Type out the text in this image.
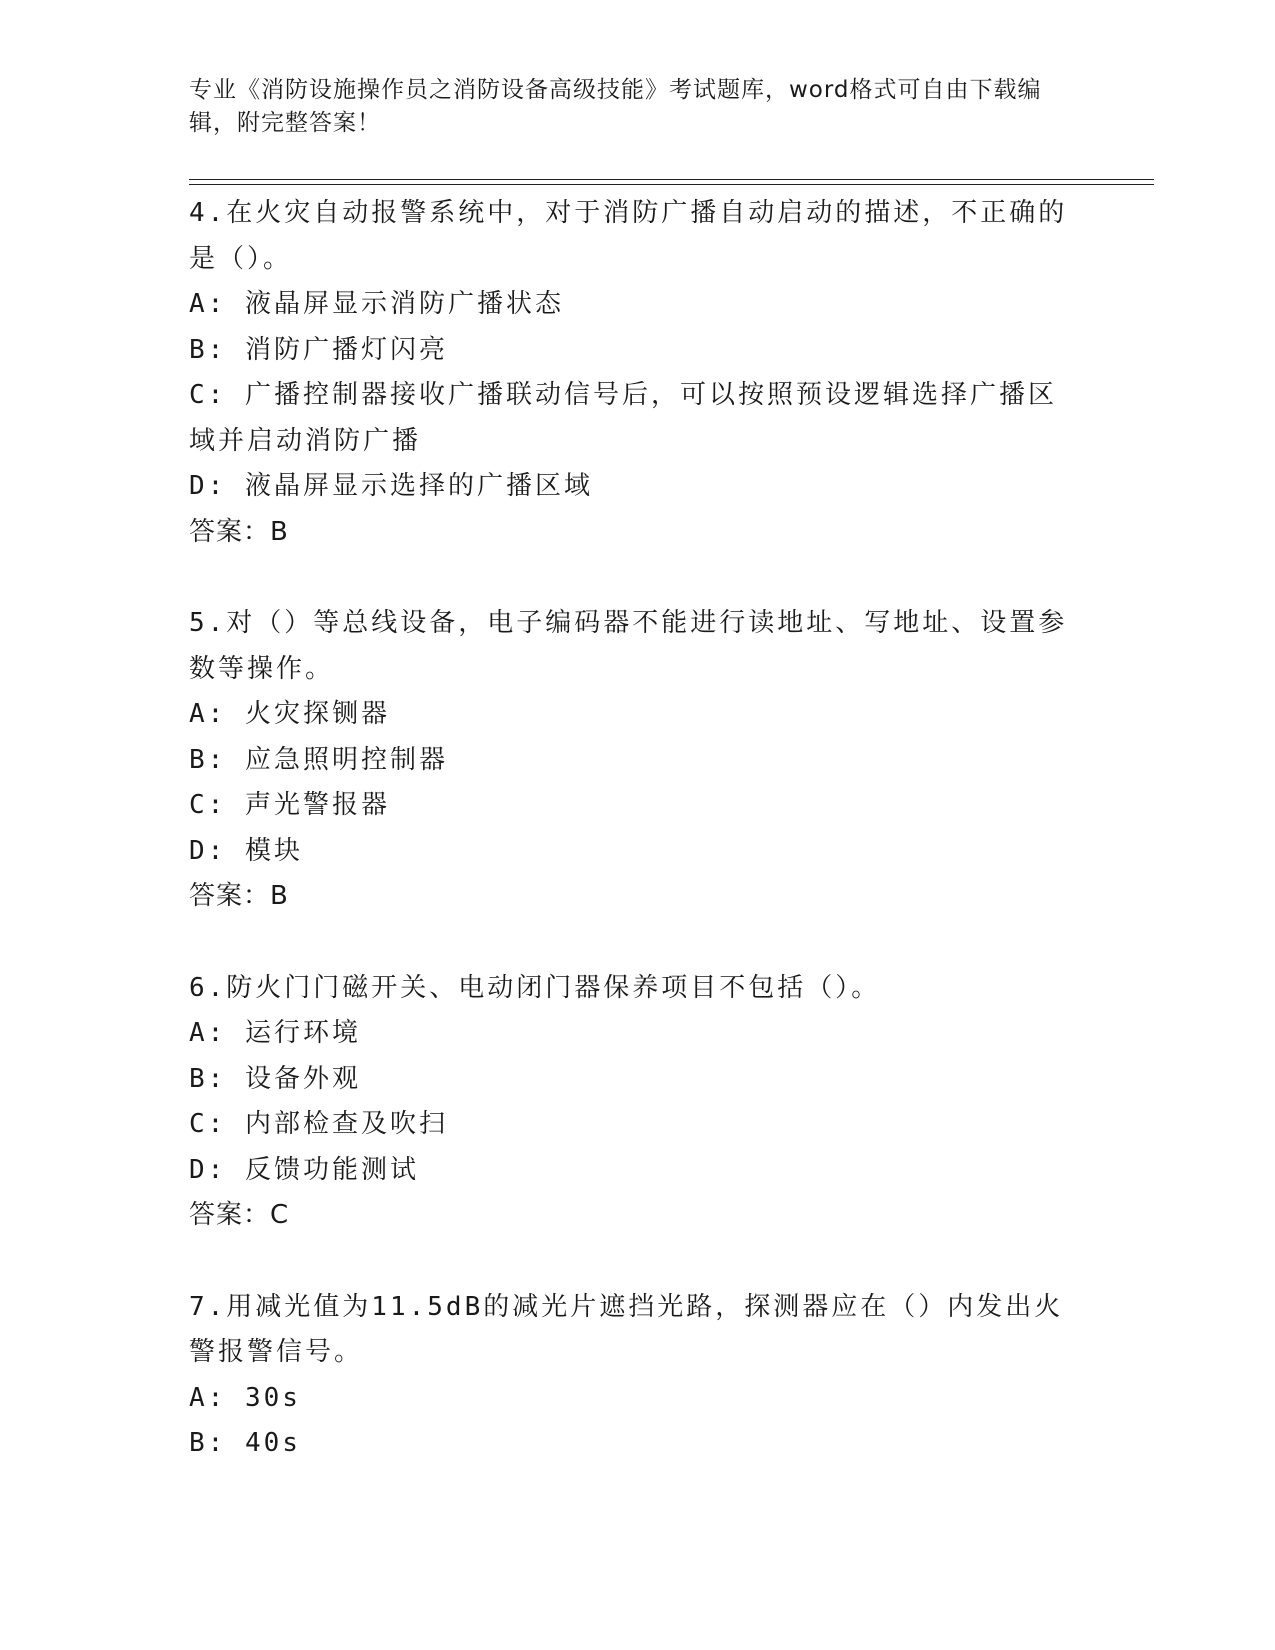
专业《消防设施操作员之消防设备高级技能》考试题库，word格式可自由下载编辑，附完整答案！
4.在火灾自动报警系统中，对于消防广播自动启动的描述，不正确的是（）。
A: 液晶屏显示消防广播状态
B: 消防广播灯闪亮
C: 广播控制器接收广播联动信号后，可以按照预设逻辑选择广播区域并启动消防广播
D: 液晶屏显示选择的广播区域
答案：B
5.对（）等总线设备，电子编码器不能进行读地址、写地址、设置参数等操作。
A: 火灾探铡器
B: 应急照明控制器
C: 声光警报器
D: 模块
答案：B
6.防火门门磁开关、电动闭门器保养项目不包括（）。
A: 运行环境
B: 设备外观
C: 内部检查及吹扫
D: 反馈功能测试
答案：C
7.用减光值为11.5dB的减光片遮挡光路，探测器应在（）内发出火警报警信号。
A: 30s
B: 40s
